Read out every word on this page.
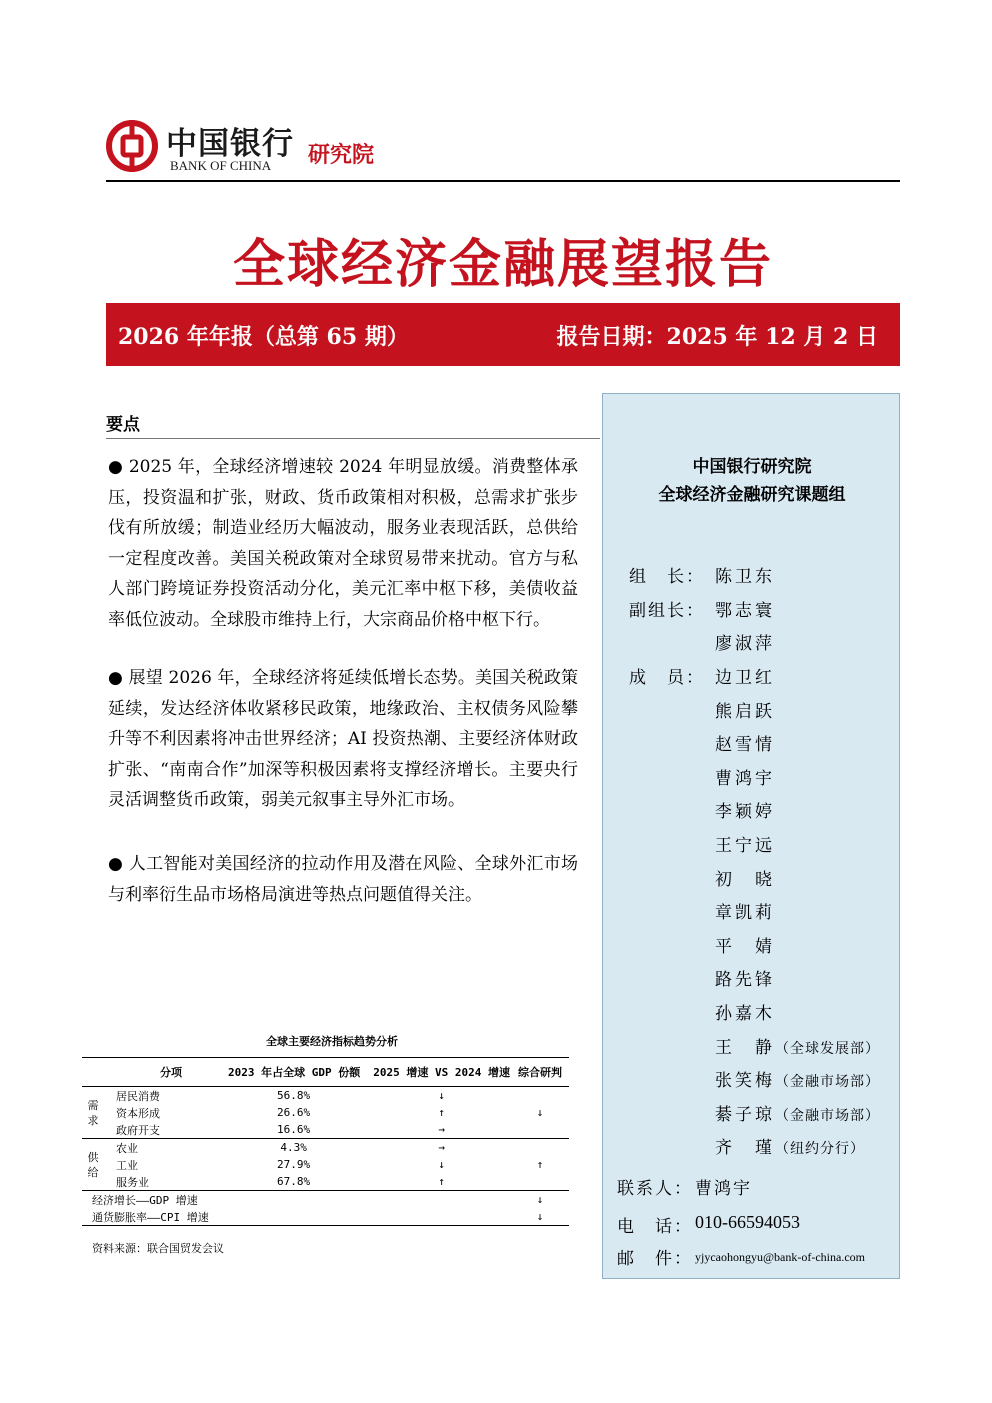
中国银行
BANK OF CHINA 研究院
全球经济金融展望报告
2026 年年报（总第 65 期）	报告日期：2025 年 12 月 2 日
要点
● 2025 年，全球经济增速较 2024 年明显放缓。消费整体承压，投资温和扩张，财政、货币政策相对积极，总需求扩张步伐有所放缓；制造业经历大幅波动，服务业表现活跃，总供给一定程度改善。美国关税政策对全球贸易带来扰动。官方与私人部门跨境证券投资活动分化，美元汇率中枢下移，美债收益率低位波动。全球股市维持上行，大宗商品价格中枢下行。
● 展望 2026 年，全球经济将延续低增长态势。美国关税政策延续，发达经济体收紧移民政策，地缘政治、主权债务风险攀升等不利因素将冲击世界经济；AI 投资热潮、主要经济体财政扩张、“南南合作”加深等积极因素将支撑经济增长。主要央行灵活调整货币政策，弱美元叙事主导外汇市场。
● 人工智能对美国经济的拉动作用及潜在风险、全球外汇市场与利率衍生品市场格局演进等热点问题值得关注。
全球主要经济指标趋势分析
	分项	2023 年占全球 GDP 份额	2025 增速 VS 2024 增速	综合研判
需
求	居民消费	56.8%	↓	↓
	资本形成	26.6%	↑	
	政府开支	16.6%	→	
供
给	农业	4.3%	→	↑
	工业	27.9%	↓	
	服务业	67.8%	↑	
经济增长——GDP 增速				↓
通货膨胀率——CPI 增速				↓
资料来源：联合国贸发会议
中国银行研究院
全球经济金融研究课题组
组　长： 陈卫东
副组长： 鄂志寰
廖淑萍
成　员： 边卫红
熊启跃
赵雪情
曹鸿宇
李颖婷
王宁远
初　晓
章凯莉
平　婧
路先锋
孙嘉木
王　静（全球发展部）
张笑梅（金融市场部）
綦子琼（金融市场部）
齐　瑾（纽约分行）
联系人： 曹鸿宇
电　话： 010-66594053
邮　件： yjycaohongyu@bank-of-china.com
